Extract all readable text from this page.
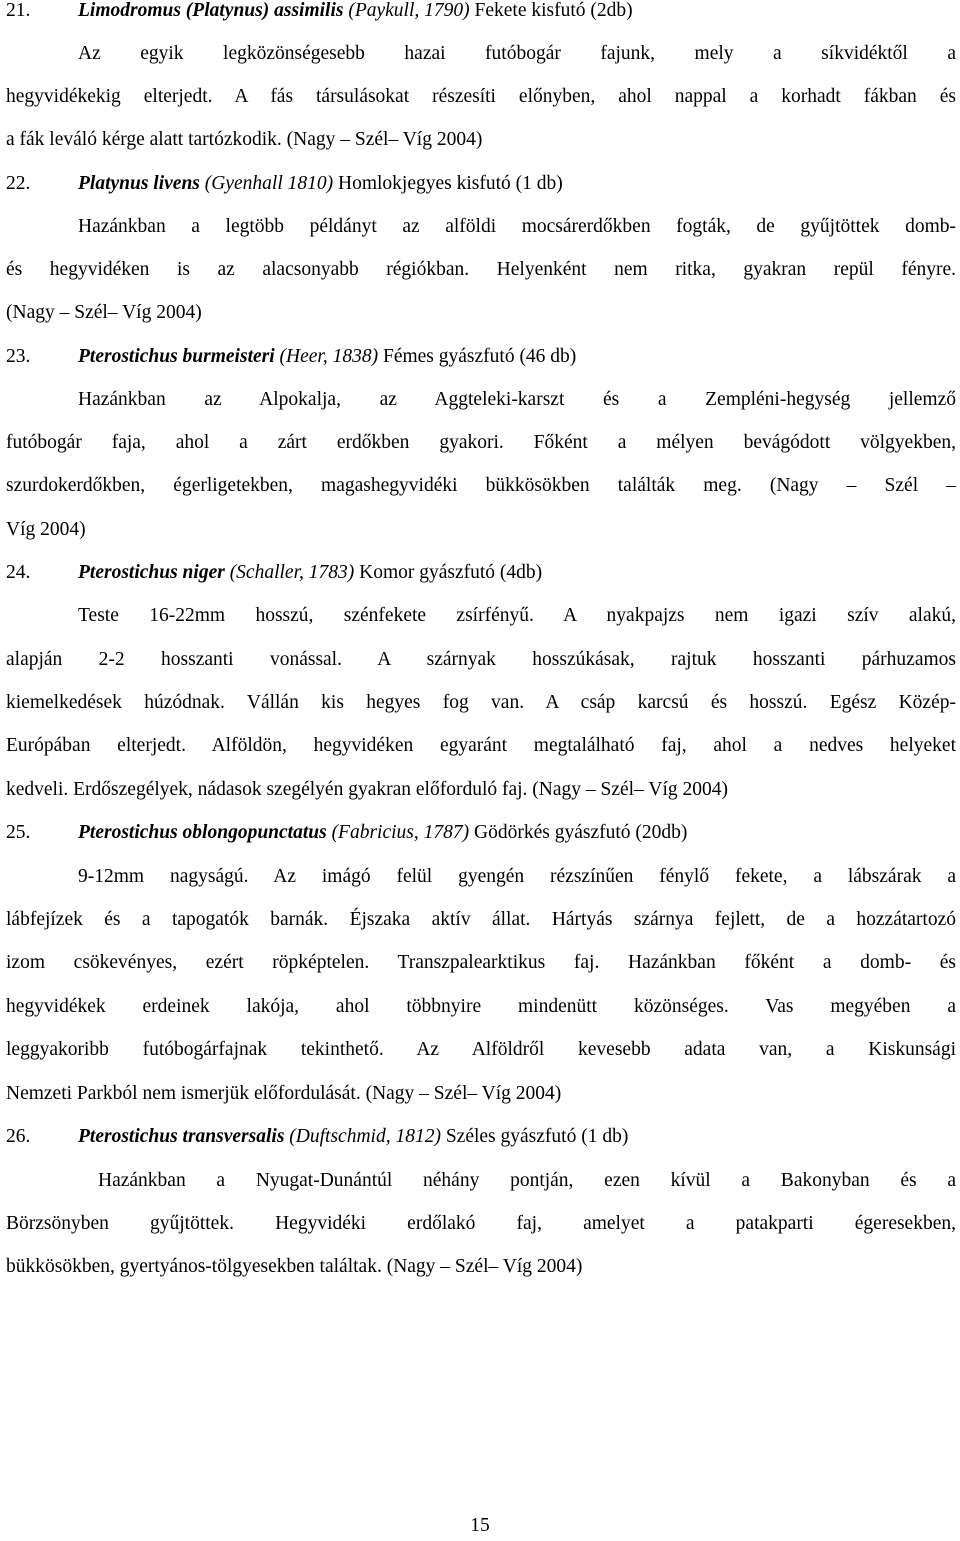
21. Limodromus (Platynus) assimilis (Paykull, 1790) Fekete kisfutó (2db)
Az egyik legközönségesebb hazai futóbogár fajunk, mely a síkvidéktől a
hegyvidékekig elterjedt. A fás társulásokat részesíti előnyben, ahol nappal a korhadt fákban és
a fák leváló kérge alatt tartózkodik. (Nagy – Szél– Víg 2004)
22. Platynus livens (Gyenhall 1810) Homlokjegyes kisfutó (1 db)
Hazánkban a legtöbb példányt az alföldi mocsárerdőkben fogták, de gyűjtöttek domb-
és hegyvidéken is az alacsonyabb régiókban. Helyenként nem ritka, gyakran repül fényre.
(Nagy – Szél– Víg 2004)
23. Pterostichus burmeisteri (Heer, 1838) Fémes gyászfutó (46 db)
Hazánkban az Alpokalja, az Aggteleki-karszt és a Zempléni-hegység jellemző
futóbogár faja, ahol a zárt erdőkben gyakori. Főként a mélyen bevágódott völgyekben,
szurdokerdőkben, égerligetekben, magashegyvidéki bükkösökben találták meg. (Nagy – Szél –
Víg 2004)
24. Pterostichus niger (Schaller, 1783) Komor gyászfutó (4db)
Teste 16-22mm hosszú, szénfekete zsírfényű. A nyakpajzs nem igazi szív alakú,
alapján 2-2 hosszanti vonással. A szárnyak hosszúkásak, rajtuk hosszanti párhuzamos
kiemelkedések húzódnak. Vállán kis hegyes fog van. A csáp karcsú és hosszú. Egész Közép-
Európában elterjedt. Alföldön, hegyvidéken egyaránt megtalálható faj, ahol a nedves helyeket
kedveli. Erdőszegélyek, nádasok szegélyén gyakran előforduló faj. (Nagy – Szél– Víg 2004)
25. Pterostichus oblongopunctatus (Fabricius, 1787) Gödörkés gyászfutó (20db)
9-12mm nagyságú. Az imágó felül gyengén rézszínűen fénylő fekete, a lábszárak a
lábfejízek és a tapogatók barnák. Éjszaka aktív állat. Hártyás szárnya fejlett, de a hozzátartozó
izom csökevényes, ezért röpképtelen. Transzpalearktikus faj. Hazánkban főként a domb- és
hegyvidékek erdeinek lakója, ahol többnyire mindenütt közönséges. Vas megyében a
leggyakoribb futóbogárfajnak tekinthető. Az Alföldről kevesebb adata van, a Kiskunsági
Nemzeti Parkból nem ismerjük előfordulását. (Nagy – Szél– Víg 2004)
26. Pterostichus transversalis (Duftschmid, 1812) Széles gyászfutó (1 db)
Hazánkban a Nyugat-Dunántúl néhány pontján, ezen kívül a Bakonyban és a
Börzsönyben gyűjtöttek. Hegyvidéki erdőlakó faj, amelyet a patakparti égeresekben,
bükkösökben, gyertyános-tölgyesekben találtak. (Nagy – Szél– Víg 2004)
15
